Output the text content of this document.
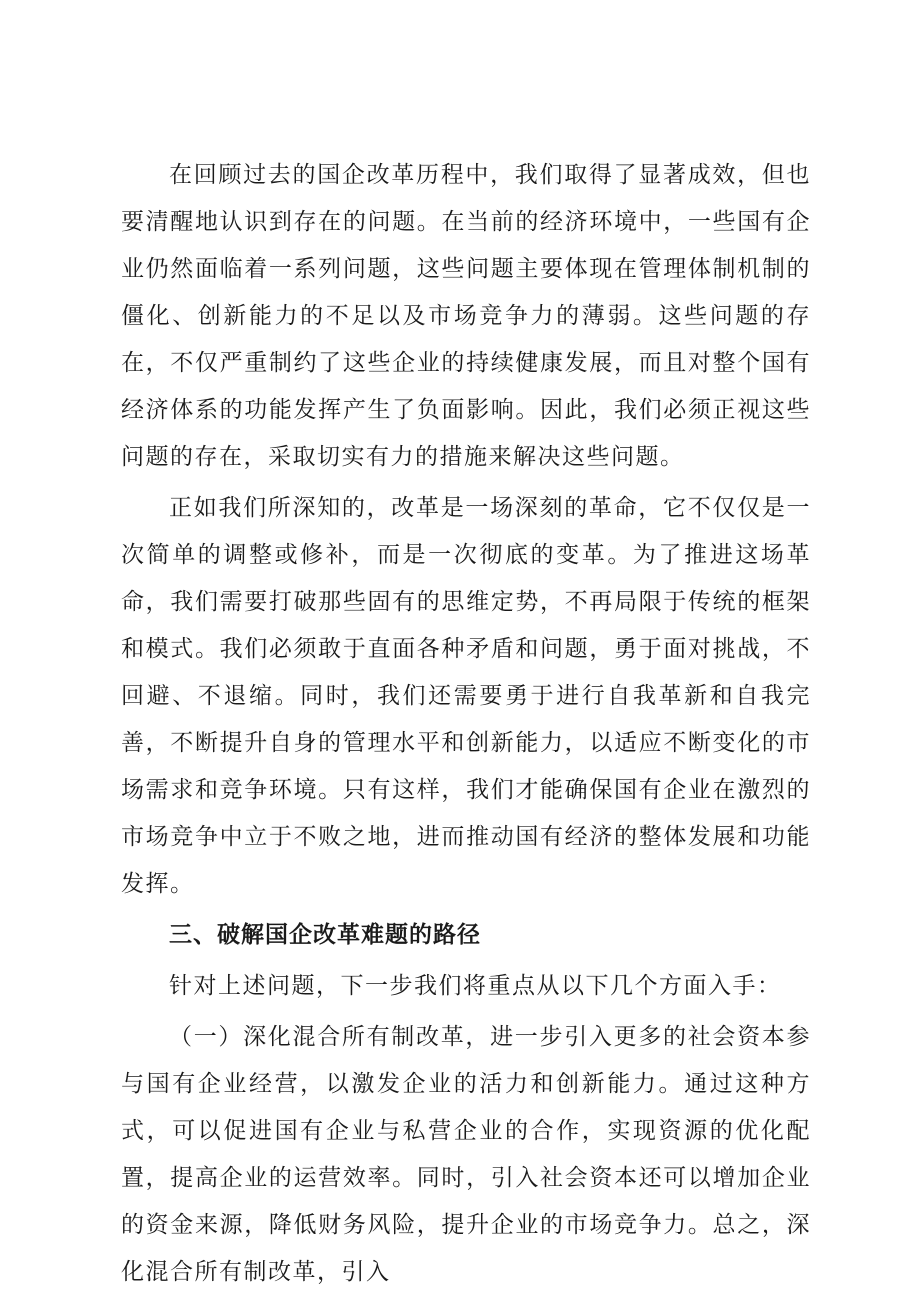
在回顾过去的国企改革历程中，我们取得了显著成效，但也要清醒地认识到存在的问题。在当前的经济环境中，一些国有企业仍然面临着一系列问题，这些问题主要体现在管理体制机制的僵化、创新能力的不足以及市场竞争力的薄弱。这些问题的存在，不仅严重制约了这些企业的持续健康发展，而且对整个国有经济体系的功能发挥产生了负面影响。因此，我们必须正视这些问题的存在，采取切实有力的措施来解决这些问题。

正如我们所深知的，改革是一场深刻的革命，它不仅仅是一次简单的调整或修补，而是一次彻底的变革。为了推进这场革命，我们需要打破那些固有的思维定势，不再局限于传统的框架和模式。我们必须敢于直面各种矛盾和问题，勇于面对挑战，不回避、不退缩。同时，我们还需要勇于进行自我革新和自我完善，不断提升自身的管理水平和创新能力，以适应不断变化的市场需求和竞争环境。只有这样，我们才能确保国有企业在激烈的市场竞争中立于不败之地，进而推动国有经济的整体发展和功能发挥。

三、破解国企改革难题的路径

针对上述问题，下一步我们将重点从以下几个方面入手：

（一）深化混合所有制改革，进一步引入更多的社会资本参与国有企业经营，以激发企业的活力和创新能力。通过这种方式，可以促进国有企业与私营企业的合作，实现资源的优化配置，提高企业的运营效率。同时，引入社会资本还可以增加企业的资金来源，降低财务风险，提升企业的市场竞争力。总之，深化混合所有制改革，引入
